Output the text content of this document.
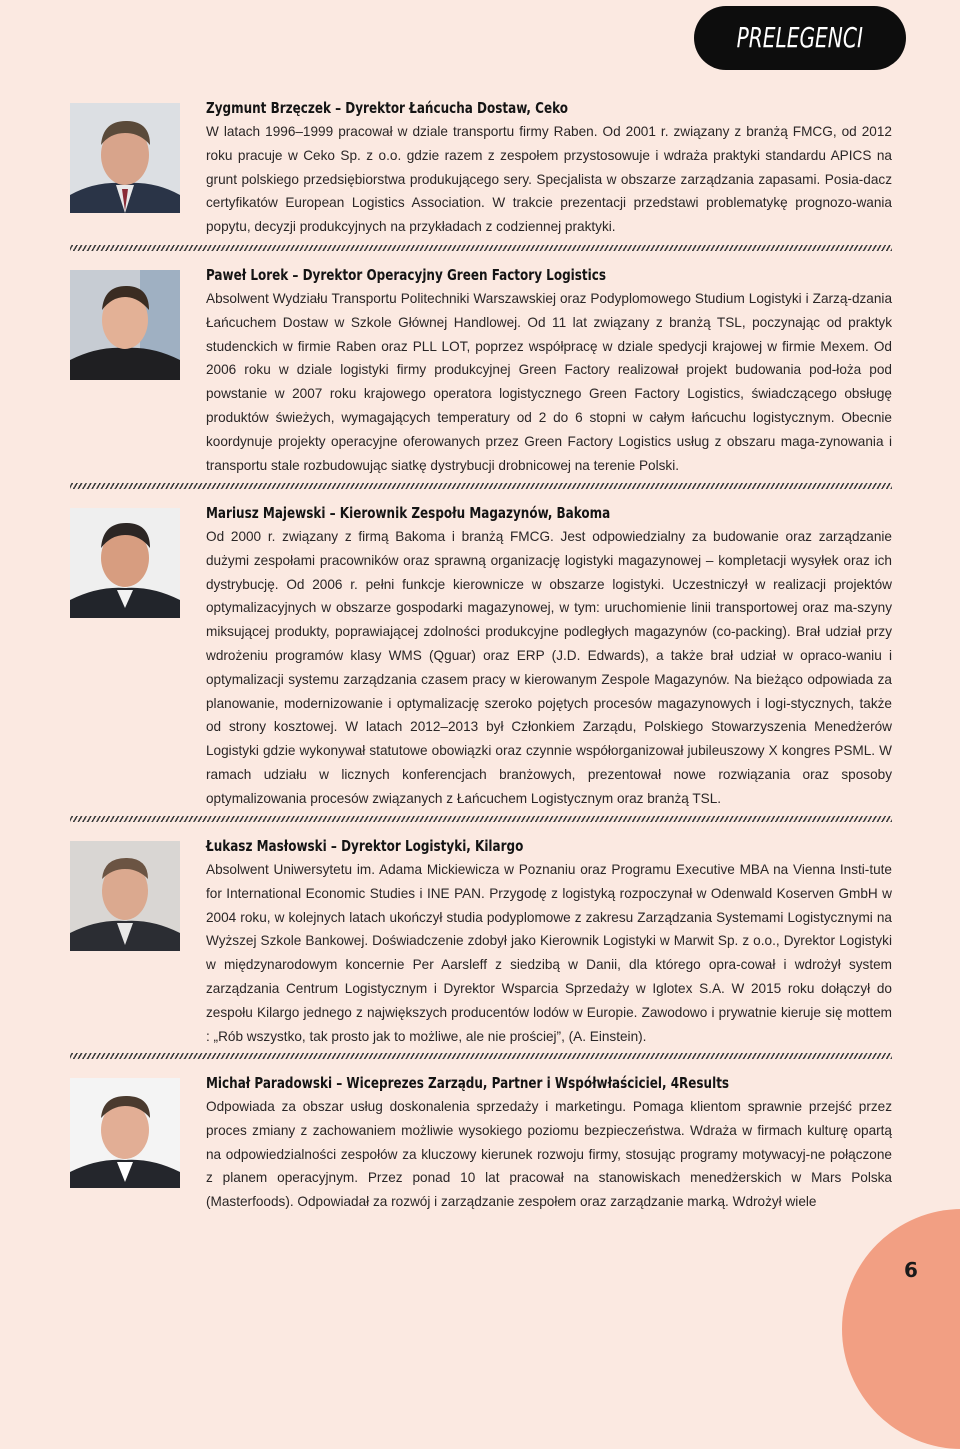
PRELEGENCI

Zygmunt Brzęczek – Dyrektor Łańcucha Dostaw, Ceko

W latach 1996–1999 pracował w dziale transportu firmy Raben. Od 2001 r. związany z branżą FMCG, od 2012 roku pracuje w Ceko Sp. z o.o. gdzie razem z zespołem przystosowuje i wdraża praktyki standardu APICS na grunt polskiego przedsiębiorstwa produkującego sery. Specjalista w obszarze zarządzania zapasami. Posia-dacz certyfikatów European Logistics Association. W trakcie prezentacji przedstawi problematykę prognozo-wania popytu, decyzji produkcyjnych na przykładach z codziennej praktyki.

Paweł Lorek – Dyrektor Operacyjny Green Factory Logistics

Absolwent Wydziału Transportu Politechniki Warszawskiej oraz Podyplomowego Studium Logistyki i Zarzą-dzania Łańcuchem Dostaw w Szkole Głównej Handlowej. Od 11 lat związany z branżą TSL, poczynając od praktyk studenckich w firmie Raben oraz PLL LOT, poprzez współpracę w dziale spedycji krajowej w firmie Mexem. Od 2006 roku w dziale logistyki firmy produkcyjnej Green Factory realizował projekt budowania pod-łoża pod powstanie w 2007 roku krajowego operatora logistycznego Green Factory Logistics, świadczącego obsługę produktów świeżych, wymagających temperatury od 2 do 6 stopni w całym łańcuchu logistycznym. Obecnie koordynuje projekty operacyjne oferowanych przez Green Factory Logistics usług z obszaru maga-zynowania i transportu stale rozbudowując siatkę dystrybucji drobnicowej na terenie Polski.

Mariusz Majewski – Kierownik Zespołu Magazynów, Bakoma

Od 2000 r. związany z firmą Bakoma i branżą FMCG. Jest odpowiedzialny za budowanie oraz zarządzanie dużymi zespołami pracowników oraz sprawną organizację logistyki magazynowej – kompletacji wysyłek oraz ich dystrybucję. Od 2006 r. pełni funkcje kierownicze w obszarze logistyki. Uczestniczył w realizacji projektów optymalizacyjnych w obszarze gospodarki magazynowej, w tym: uruchomienie linii transportowej oraz ma-szyny miksującej produkty, poprawiającej zdolności produkcyjne podległych magazynów (co-packing). Brał udział przy wdrożeniu programów klasy WMS (Qguar) oraz ERP (J.D. Edwards), a także brał udział w opraco-waniu i optymalizacji systemu zarządzania czasem pracy w kierowanym Zespole Magazynów. Na bieżąco odpowiada za planowanie, modernizowanie i optymalizację szeroko pojętych procesów magazynowych i logi-stycznych, także od strony kosztowej. W latach 2012–2013 był Członkiem Zarządu, Polskiego Stowarzyszenia Menedżerów Logistyki gdzie wykonywał statutowe obowiązki oraz czynnie współorganizował jubileuszowy X kongres PSML. W ramach udziału w licznych konferencjach branżowych, prezentował nowe rozwiązania oraz sposoby optymalizowania procesów związanych z Łańcuchem Logistycznym oraz branżą TSL.

Łukasz Masłowski – Dyrektor Logistyki, Kilargo

Absolwent Uniwersytetu im. Adama Mickiewicza w Poznaniu oraz Programu Executive MBA na Vienna Insti-tute for International Economic Studies i INE PAN. Przygodę z logistyką rozpoczynał w Odenwald Koserven GmbH w 2004 roku, w kolejnych latach ukończył studia podyplomowe z zakresu Zarządzania Systemami Logistycznymi na Wyższej Szkole Bankowej. Doświadczenie zdobył jako Kierownik Logistyki w Marwit Sp. z o.o., Dyrektor Logistyki w międzynarodowym koncernie Per Aarsleff z siedzibą w Danii, dla którego opra-cował i wdrożył system zarządzania Centrum Logistycznym i Dyrektor Wsparcia Sprzedaży w Iglotex S.A. W 2015 roku dołączył do zespołu Kilargo jednego z największych producentów lodów w Europie. Zawodowo i prywatnie kieruje się mottem : „Rób wszystko, tak prosto jak to możliwe, ale nie prościej”, (A. Einstein).

Michał Paradowski – Wiceprezes Zarządu, Partner i Współwłaściciel, 4Results

Odpowiada za obszar usług doskonalenia sprzedaży i marketingu. Pomaga klientom sprawnie przejść przez proces zmiany z zachowaniem możliwie wysokiego poziomu bezpieczeństwa. Wdraża w firmach kulturę opartą na odpowiedzialności zespołów za kluczowy kierunek rozwoju firmy, stosując programy motywacyj-ne połączone z planem operacyjnym. Przez ponad 10 lat pracował na stanowiskach menedżerskich w Mars Polska (Masterfoods). Odpowiadał za rozwój i zarządzanie zespołem oraz zarządzanie marką. Wdrożył wiele

6
